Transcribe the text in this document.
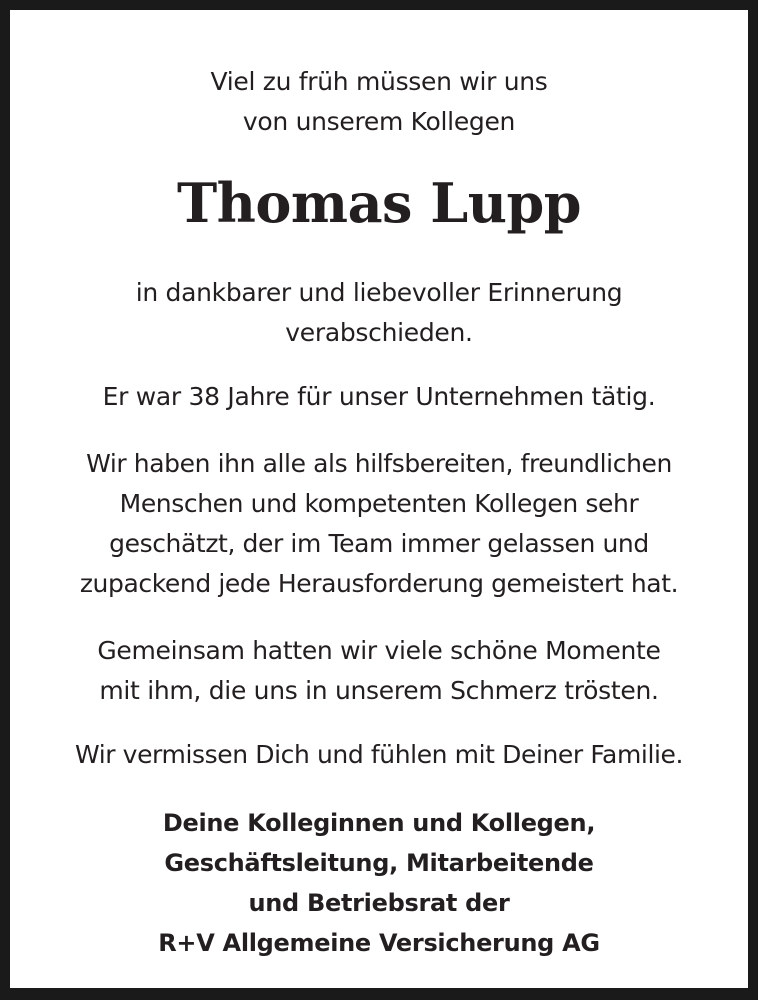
Viel zu früh müssen wir uns
von unserem Kollegen

Thomas Lupp

in dankbarer und liebevoller Erinnerung
verabschieden.

Er war 38 Jahre für unser Unternehmen tätig.

Wir haben ihn alle als hilfsbereiten, freundlichen
Menschen und kompetenten Kollegen sehr
geschätzt, der im Team immer gelassen und
zupackend jede Herausforderung gemeistert hat.

Gemeinsam hatten wir viele schöne Momente
mit ihm, die uns in unserem Schmerz trösten.

Wir vermissen Dich und fühlen mit Deiner Familie.

Deine Kolleginnen und Kollegen,
Geschäftsleitung, Mitarbeitende
und Betriebsrat der
R+V Allgemeine Versicherung AG
